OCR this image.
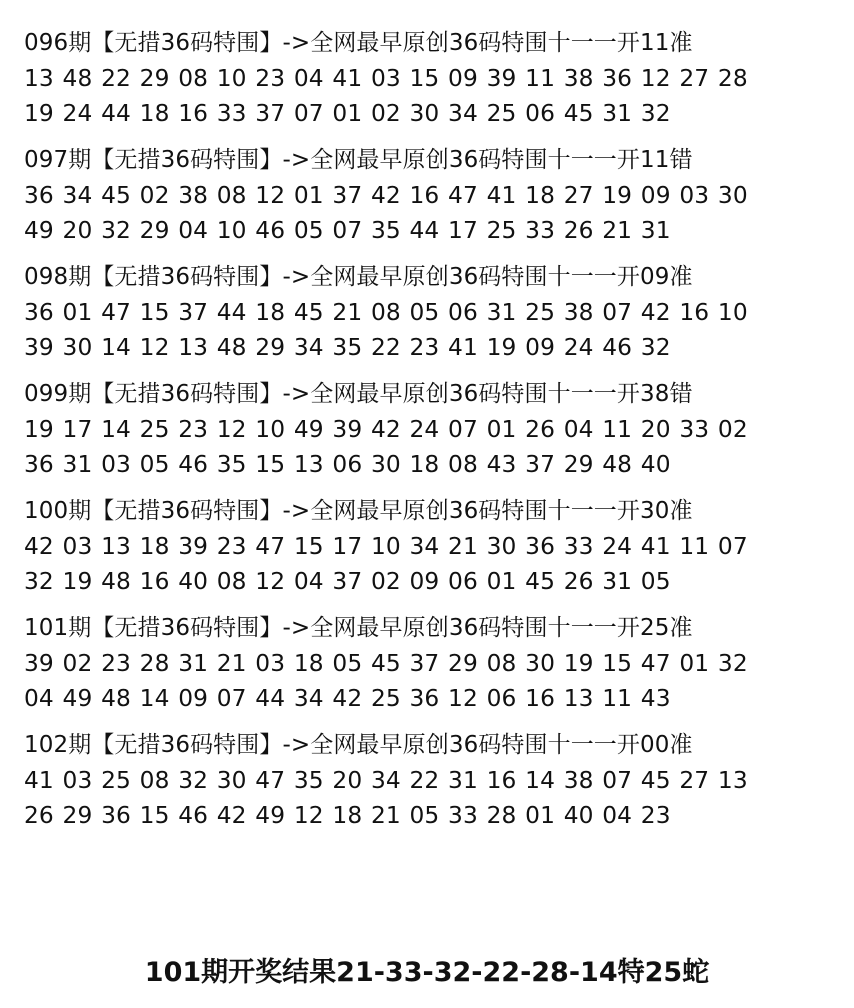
096期【无措36码特围】->全网最早原创36码特围十一一开11准
13 48 22 29 08 10 23 04 41 03 15 09 39 11 38 36 12 27 28
19 24 44 18 16 33 37 07 01 02 30 34 25 06 45 31 32
097期【无措36码特围】->全网最早原创36码特围十一一开11错
36 34 45 02 38 08 12 01 37 42 16 47 41 18 27 19 09 03 30
49 20 32 29 04 10 46 05 07 35 44 17 25 33 26 21 31
098期【无措36码特围】->全网最早原创36码特围十一一开09准
36 01 47 15 37 44 18 45 21 08 05 06 31 25 38 07 42 16 10
39 30 14 12 13 48 29 34 35 22 23 41 19 09 24 46 32
099期【无措36码特围】->全网最早原创36码特围十一一开38错
19 17 14 25 23 12 10 49 39 42 24 07 01 26 04 11 20 33 02
36 31 03 05 46 35 15 13 06 30 18 08 43 37 29 48 40
100期【无措36码特围】->全网最早原创36码特围十一一开30准
42 03 13 18 39 23 47 15 17 10 34 21 30 36 33 24 41 11 07
32 19 48 16 40 08 12 04 37 02 09 06 01 45 26 31 05
101期【无措36码特围】->全网最早原创36码特围十一一开25准
39 02 23 28 31 21 03 18 05 45 37 29 08 30 19 15 47 01 32
04 49 48 14 09 07 44 34 42 25 36 12 06 16 13 11 43
102期【无措36码特围】->全网最早原创36码特围十一一开00准
41 03 25 08 32 30 47 35 20 34 22 31 16 14 38 07 45 27 13
26 29 36 15 46 42 49 12 18 21 05 33 28 01 40 04 23
101期开奖结果21-33-32-22-28-14特25蛇
